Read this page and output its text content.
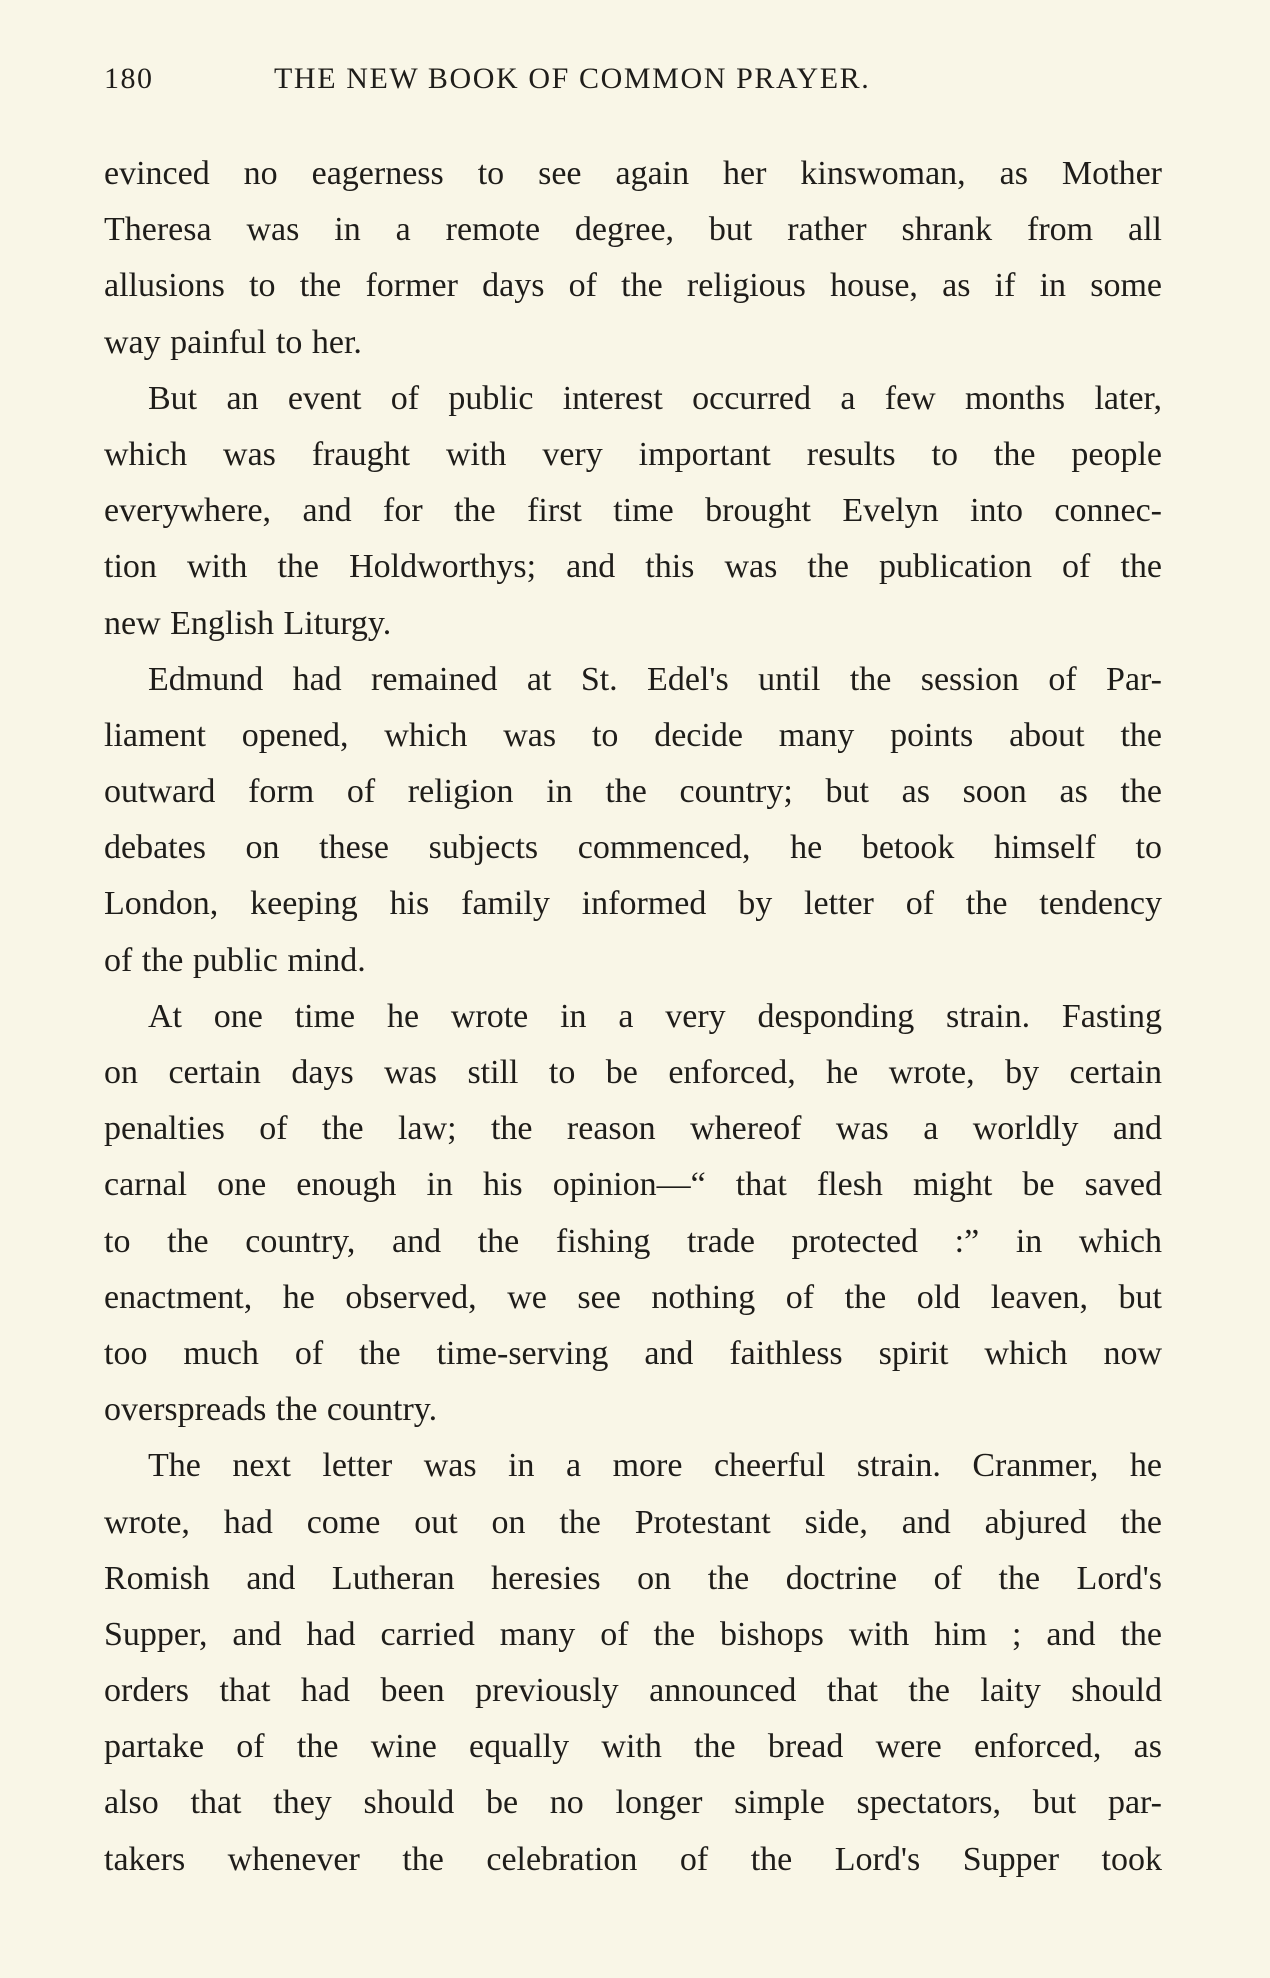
180	THE NEW BOOK OF COMMON PRAYER.

evinced no eagerness to see again her kinswoman, as Mother
Theresa was in a remote degree, but rather shrank from all
allusions to the former days of the religious house, as if in some
way painful to her.

But an event of public interest occurred a few months later,
which was fraught with very important results to the people
everywhere, and for the first time brought Evelyn into connec-
tion with the Holdworthys; and this was the publication of the
new English Liturgy.

Edmund had remained at St. Edel's until the session of Par-
liament opened, which was to decide many points about the
outward form of religion in the country; but as soon as the
debates on these subjects commenced, he betook himself to
London, keeping his family informed by letter of the tendency
of the public mind.

At one time he wrote in a very desponding strain. Fasting
on certain days was still to be enforced, he wrote, by certain
penalties of the law; the reason whereof was a worldly and
carnal one enough in his opinion—“ that flesh might be saved
to the country, and the fishing trade protected :” in which
enactment, he observed, we see nothing of the old leaven, but
too much of the time-serving and faithless spirit which now
overspreads the country.

The next letter was in a more cheerful strain. Cranmer, he
wrote, had come out on the Protestant side, and abjured the
Romish and Lutheran heresies on the doctrine of the Lord's
Supper, and had carried many of the bishops with him ; and the
orders that had been previously announced that the laity should
partake of the wine equally with the bread were enforced, as
also that they should be no longer simple spectators, but par-
takers whenever the celebration of the Lord's Supper took
